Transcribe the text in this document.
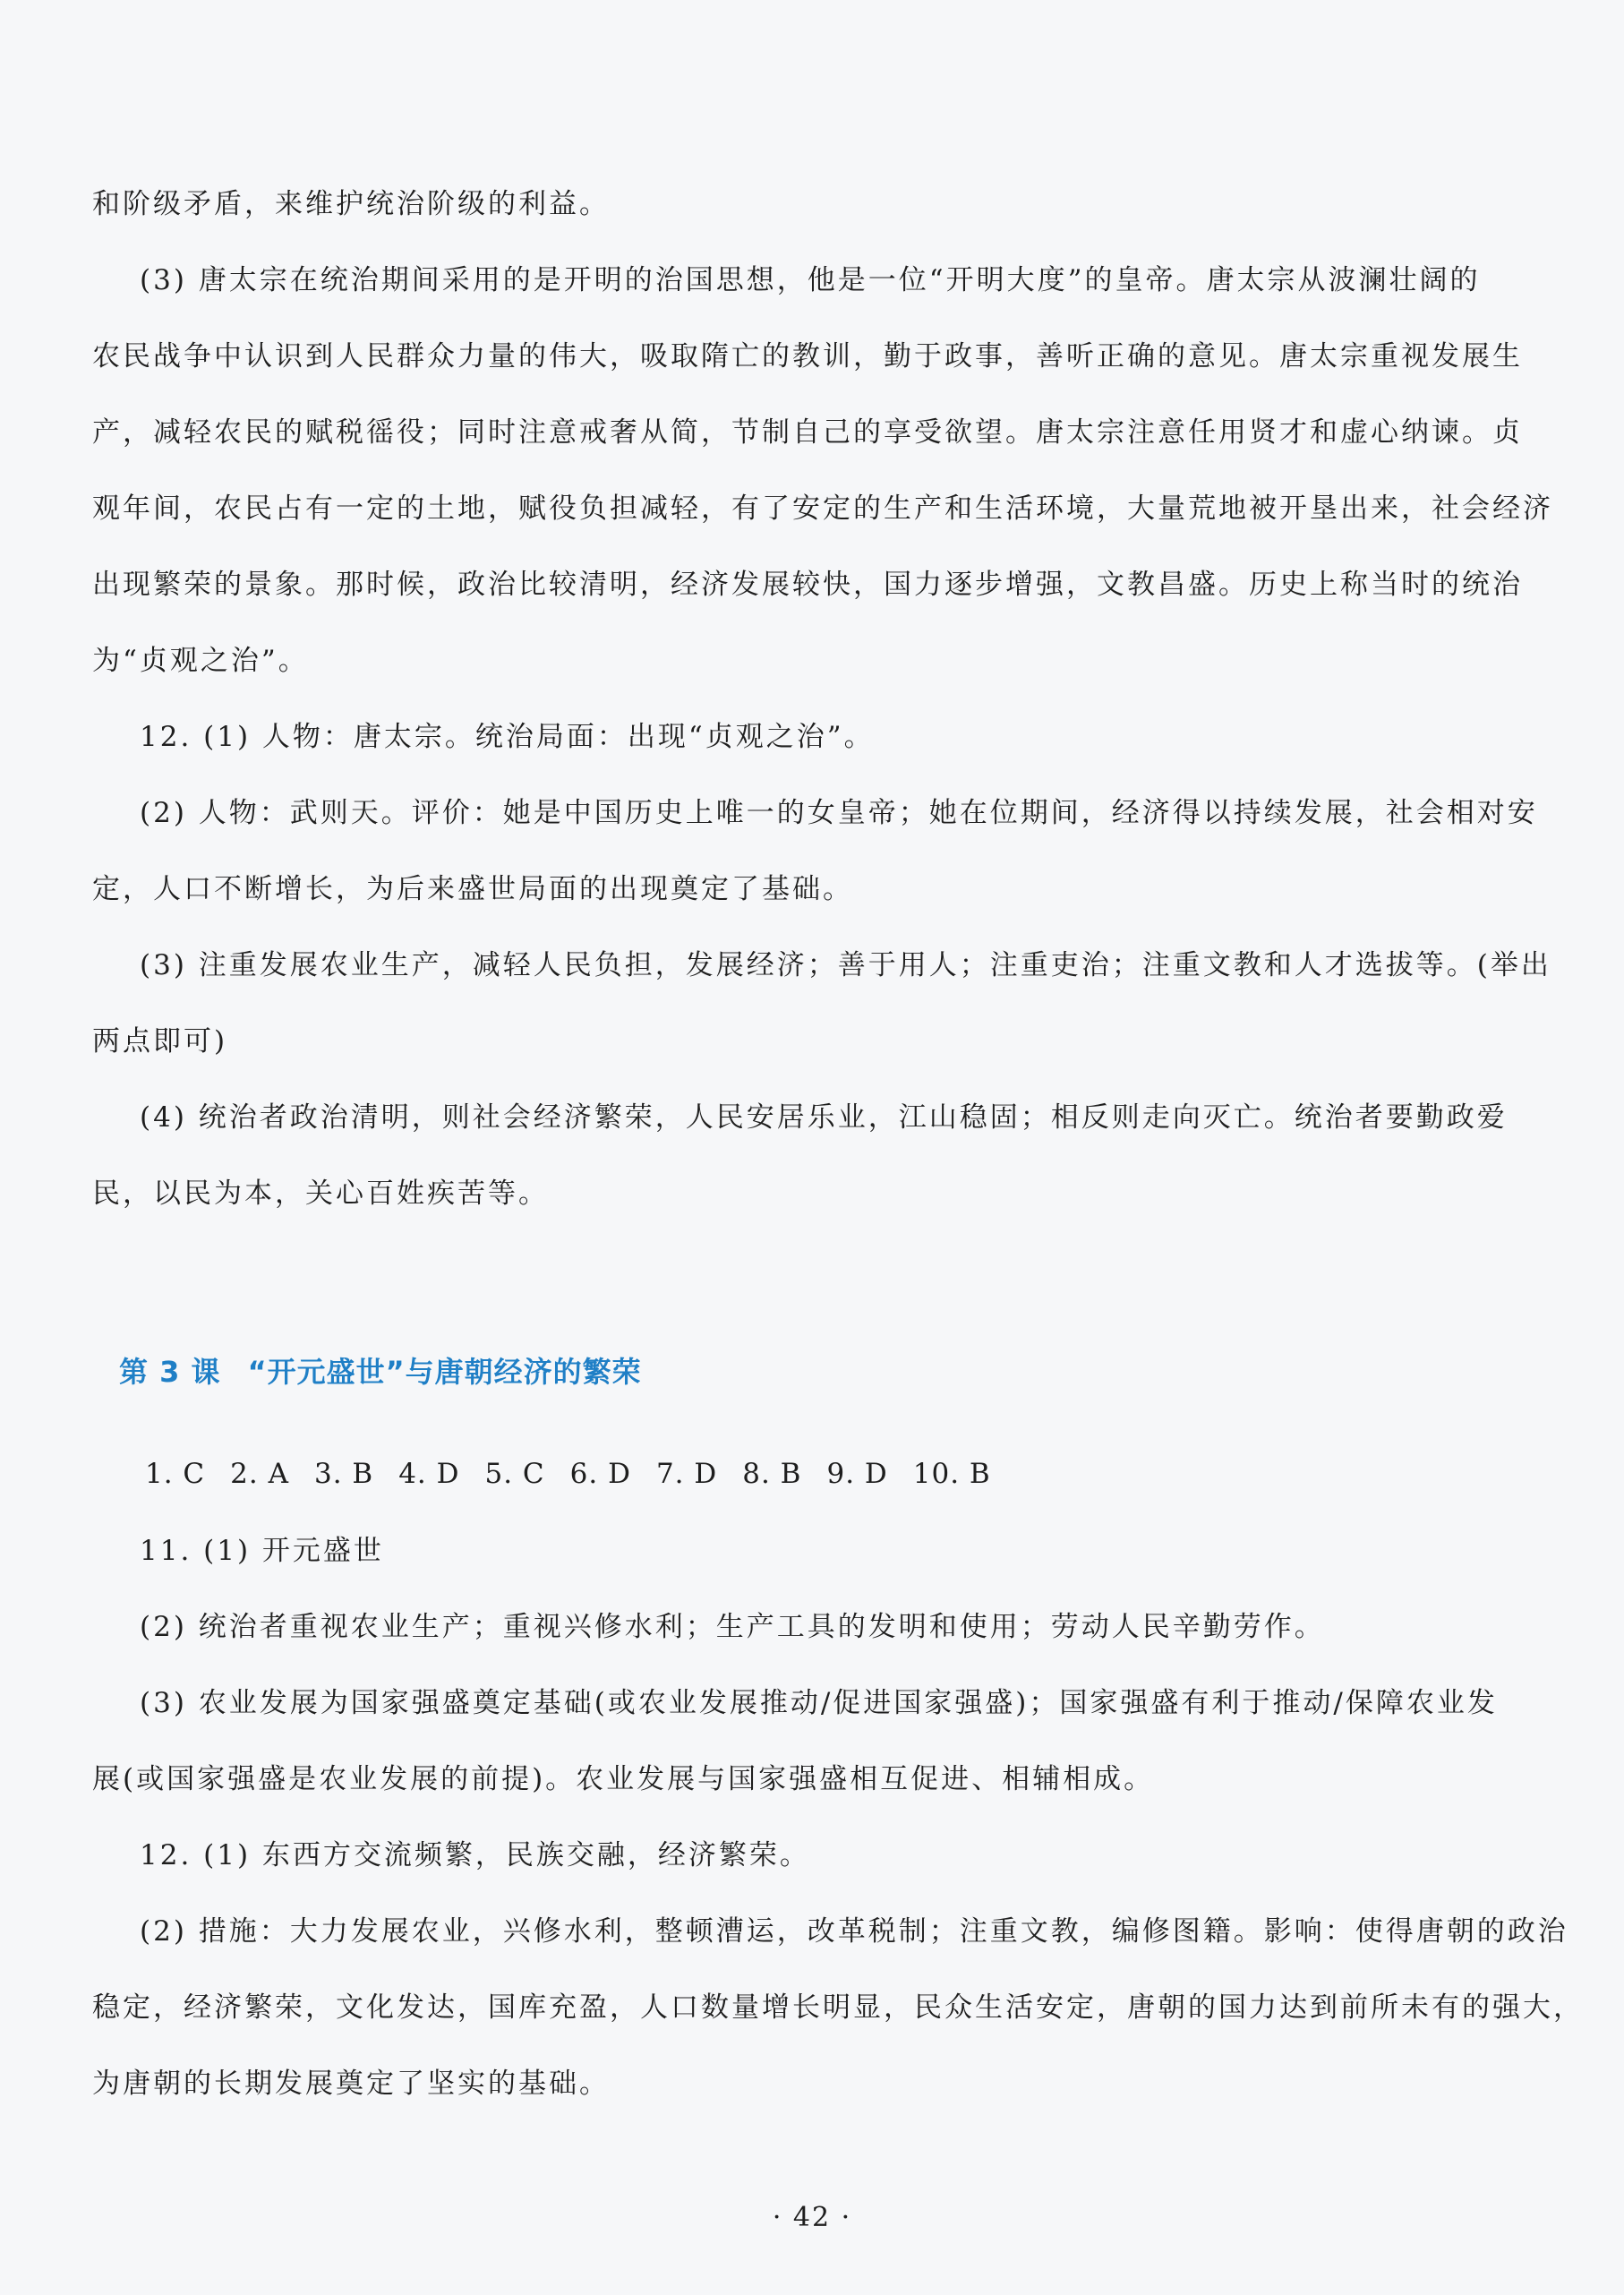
和阶级矛盾，来维护统治阶级的利益。
(3) 唐太宗在统治期间采用的是开明的治国思想，他是一位“开明大度”的皇帝。唐太宗从波澜壮阔的
农民战争中认识到人民群众力量的伟大，吸取隋亡的教训，勤于政事，善听正确的意见。唐太宗重视发展生
产，减轻农民的赋税徭役；同时注意戒奢从简，节制自己的享受欲望。唐太宗注意任用贤才和虚心纳谏。贞
观年间，农民占有一定的土地，赋役负担减轻，有了安定的生产和生活环境，大量荒地被开垦出来，社会经济
出现繁荣的景象。那时候，政治比较清明，经济发展较快，国力逐步增强，文教昌盛。历史上称当时的统治
为“贞观之治”。
12. (1) 人物：唐太宗。统治局面：出现“贞观之治”。
(2) 人物：武则天。评价：她是中国历史上唯一的女皇帝；她在位期间，经济得以持续发展，社会相对安
定，人口不断增长，为后来盛世局面的出现奠定了基础。
(3) 注重发展农业生产，减轻人民负担，发展经济；善于用人；注重吏治；注重文教和人才选拔等。(举出
两点即可)
(4) 统治者政治清明，则社会经济繁荣，人民安居乐业，江山稳固；相反则走向灭亡。统治者要勤政爱
民，以民为本，关心百姓疾苦等。
第 3 课 “开元盛世”与唐朝经济的繁荣
1. C 2. A 3. B 4. D 5. C 6. D 7. D 8. B 9. D 10. B
11. (1) 开元盛世
(2) 统治者重视农业生产；重视兴修水利；生产工具的发明和使用；劳动人民辛勤劳作。
(3) 农业发展为国家强盛奠定基础(或农业发展推动/促进国家强盛)；国家强盛有利于推动/保障农业发
展(或国家强盛是农业发展的前提)。农业发展与国家强盛相互促进、相辅相成。
12. (1) 东西方交流频繁，民族交融，经济繁荣。
(2) 措施：大力发展农业，兴修水利，整顿漕运，改革税制；注重文教，编修图籍。影响：使得唐朝的政治
稳定，经济繁荣，文化发达，国库充盈，人口数量增长明显，民众生活安定，唐朝的国力达到前所未有的强大，
为唐朝的长期发展奠定了坚实的基础。
· 42 ·
